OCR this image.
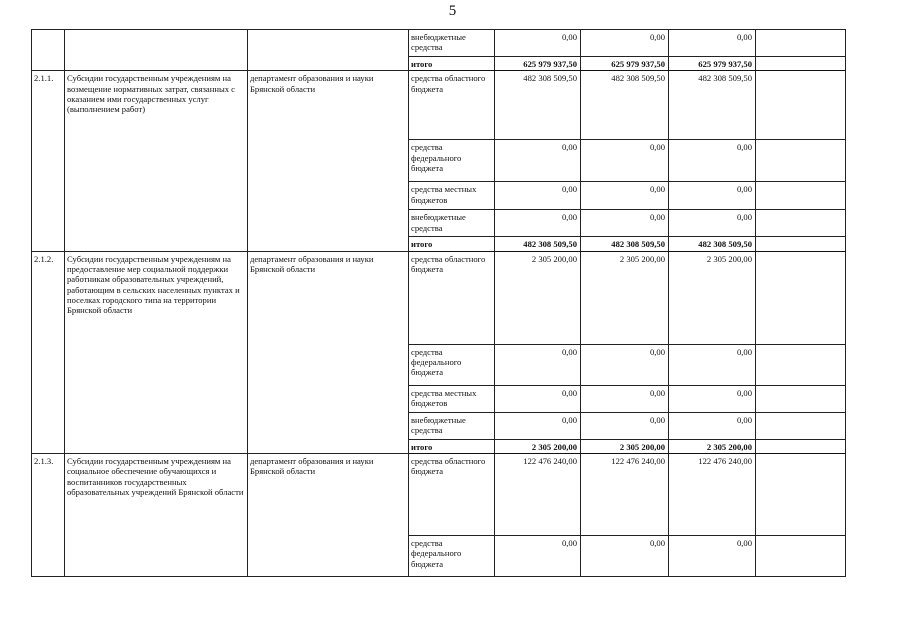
5
			внебюджетные средства	0,00	0,00	0,00	
			итого	625 979 937,50	625 979 937,50	625 979 937,50	
2.1.1.	Субсидии государственным учреждениям на возмещение нормативных затрат, связанных с оказанием ими государственных услуг (выполнением работ)	департамент образования и науки Брянской области	средства областного бюджета	482 308 509,50	482 308 509,50	482 308 509,50	
			средства федерального бюджета	0,00	0,00	0,00	
			средства местных бюджетов	0,00	0,00	0,00	
			внебюджетные средства	0,00	0,00	0,00	
			итого	482 308 509,50	482 308 509,50	482 308 509,50	
2.1.2.	Субсидии государственным учреждениям на предоставление мер социальной поддержки работникам образовательных учреждений, работающим в сельских населенных пунктах и поселках городского типа на территории Брянской области	департамент образования и науки Брянской области	средства областного бюджета	2 305 200,00	2 305 200,00	2 305 200,00	
			средства федерального бюджета	0,00	0,00	0,00	
			средства местных бюджетов	0,00	0,00	0,00	
			внебюджетные средства	0,00	0,00	0,00	
			итого	2 305 200,00	2 305 200,00	2 305 200,00	
2.1.3.	Субсидии государственным учреждениям на социальное обеспечение обучающихся и воспитанников государственных образовательных учреждений Брянской области	департамент образования и науки Брянской области	средства областного бюджета	122 476 240,00	122 476 240,00	122 476 240,00	
			средства федерального бюджета	0,00	0,00	0,00	
